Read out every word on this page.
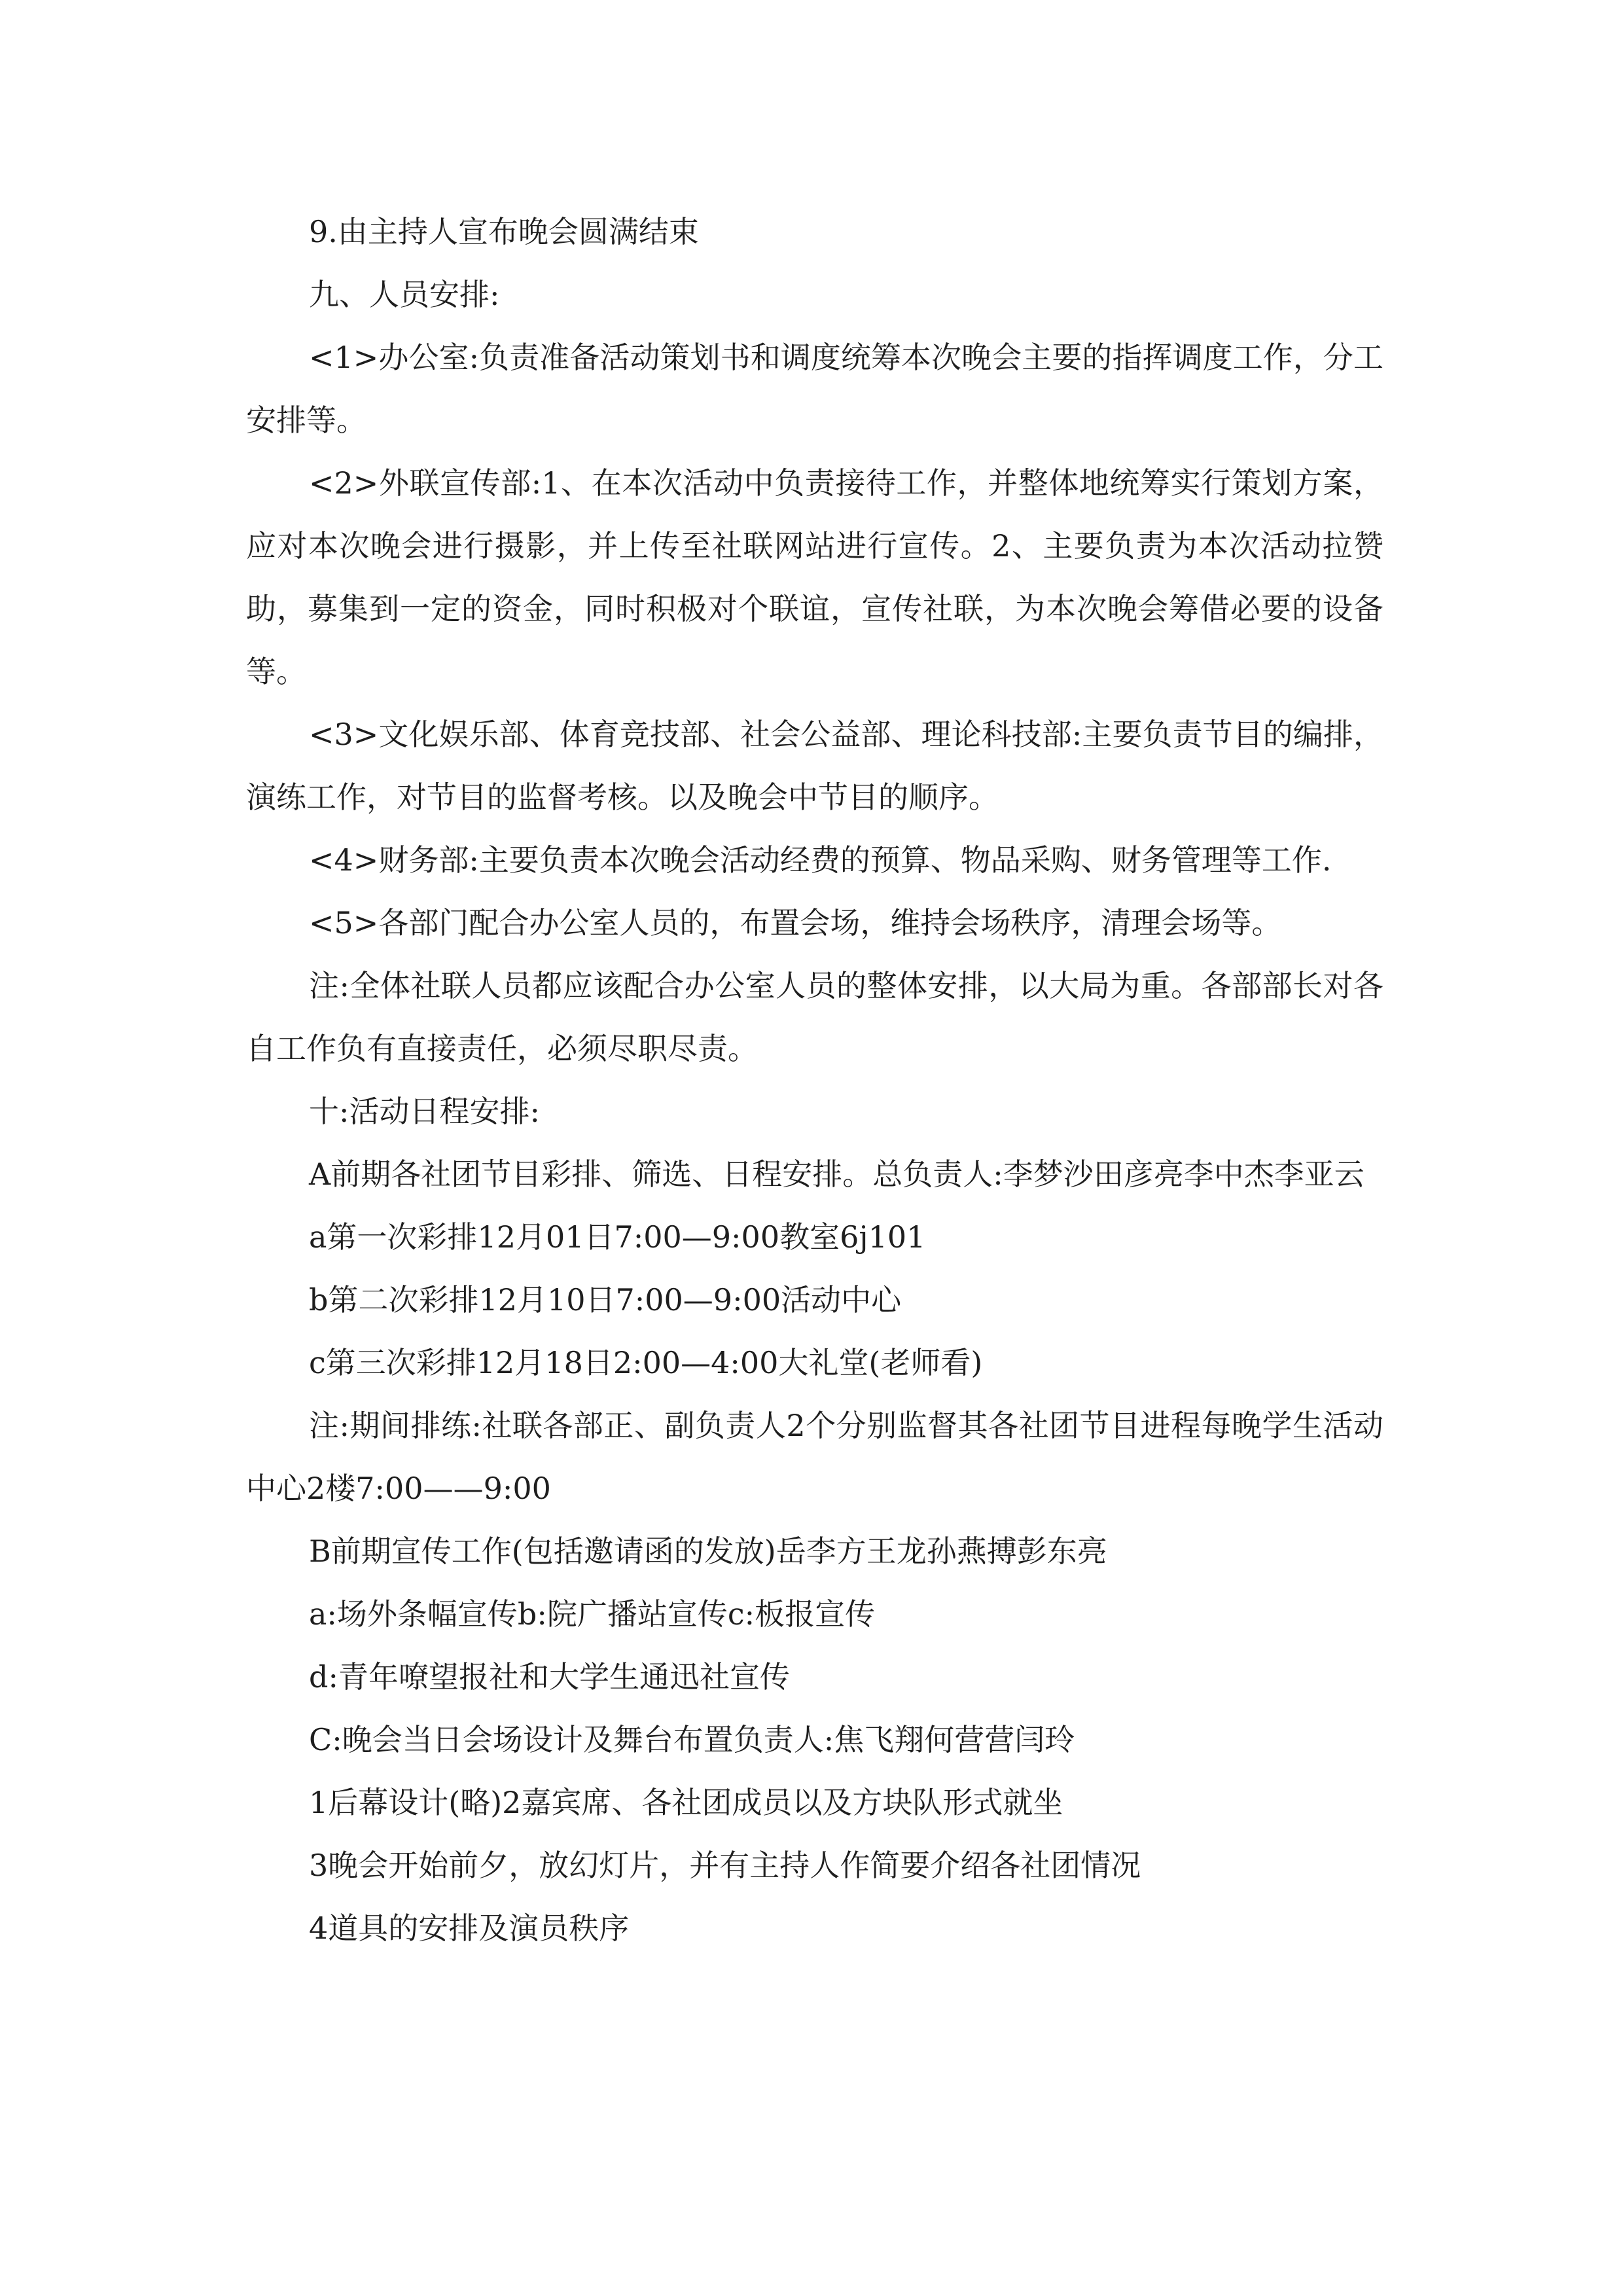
9.由主持人宣布晚会圆满结束

九、人员安排:

<1>办公室:负责准备活动策划书和调度统筹本次晚会主要的指挥调度工作，分工安排等。

<2>外联宣传部:1、在本次活动中负责接待工作，并整体地统筹实行策划方案，应对本次晚会进行摄影，并上传至社联网站进行宣传。2、主要负责为本次活动拉赞助，募集到一定的资金，同时积极对个联谊，宣传社联，为本次晚会筹借必要的设备等。

<3>文化娱乐部、体育竞技部、社会公益部、理论科技部:主要负责节目的编排，演练工作，对节目的监督考核。以及晚会中节目的顺序。

<4>财务部:主要负责本次晚会活动经费的预算、物品采购、财务管理等工作.

<5>各部门配合办公室人员的，布置会场，维持会场秩序，清理会场等。

注:全体社联人员都应该配合办公室人员的整体安排，以大局为重。各部部长对各自工作负有直接责任，必须尽职尽责。

十:活动日程安排:

A前期各社团节目彩排、筛选、日程安排。总负责人:李梦沙田彦亮李中杰李亚云

a第一次彩排12月01日7:00—9:00教室6j101

b第二次彩排12月10日7:00—9:00活动中心

c第三次彩排12月18日2:00—4:00大礼堂(老师看)

注:期间排练:社联各部正、副负责人2个分别监督其各社团节目进程每晚学生活动中心2楼7:00——9:00

B前期宣传工作(包括邀请函的发放)岳李方王龙孙燕搏彭东亮

a:场外条幅宣传b:院广播站宣传c:板报宣传

d:青年嘹望报社和大学生通迅社宣传

C:晚会当日会场设计及舞台布置负责人:焦飞翔何营营闫玲

1后幕设计(略)2嘉宾席、各社团成员以及方块队形式就坐

3晚会开始前夕，放幻灯片，并有主持人作简要介绍各社团情况

4道具的安排及演员秩序
